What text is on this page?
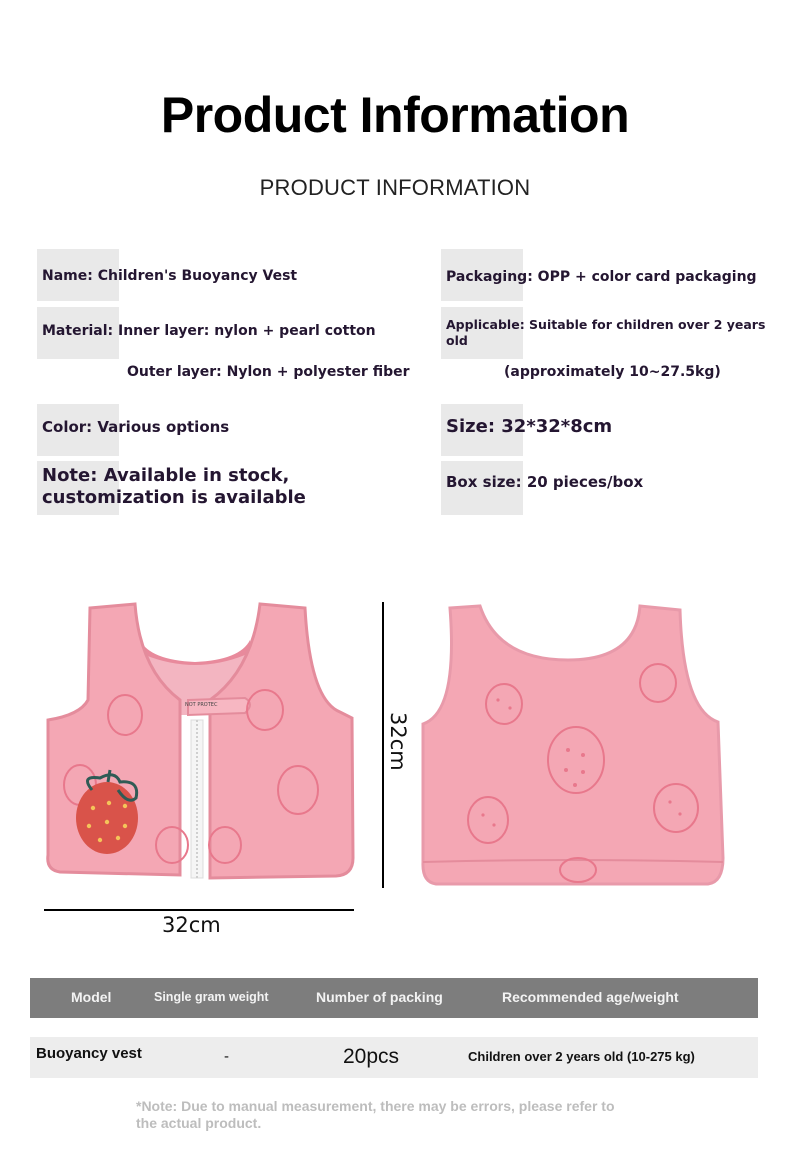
Product Information
PRODUCT INFORMATION
Name: Children's Buoyancy Vest
Material: Inner layer: nylon + pearl cotton
Outer layer: Nylon + polyester fiber
Color: Various options
Note: Available in stock,
customization is available
Packaging: OPP + color card packaging
Applicable: Suitable for children over 2 years
old
(approximately 10~27.5kg)
Size: 32*32*8cm
Box size: 20 pieces/box
NOT PROTEC
32cm
32cm
Model	Single gram weight	Number of packing	Recommended age/weight
Buoyancy vest	-	20pcs	Children over 2 years old (10-275 kg)
*Note: Due to manual measurement, there may be errors, please refer to
the actual product.
